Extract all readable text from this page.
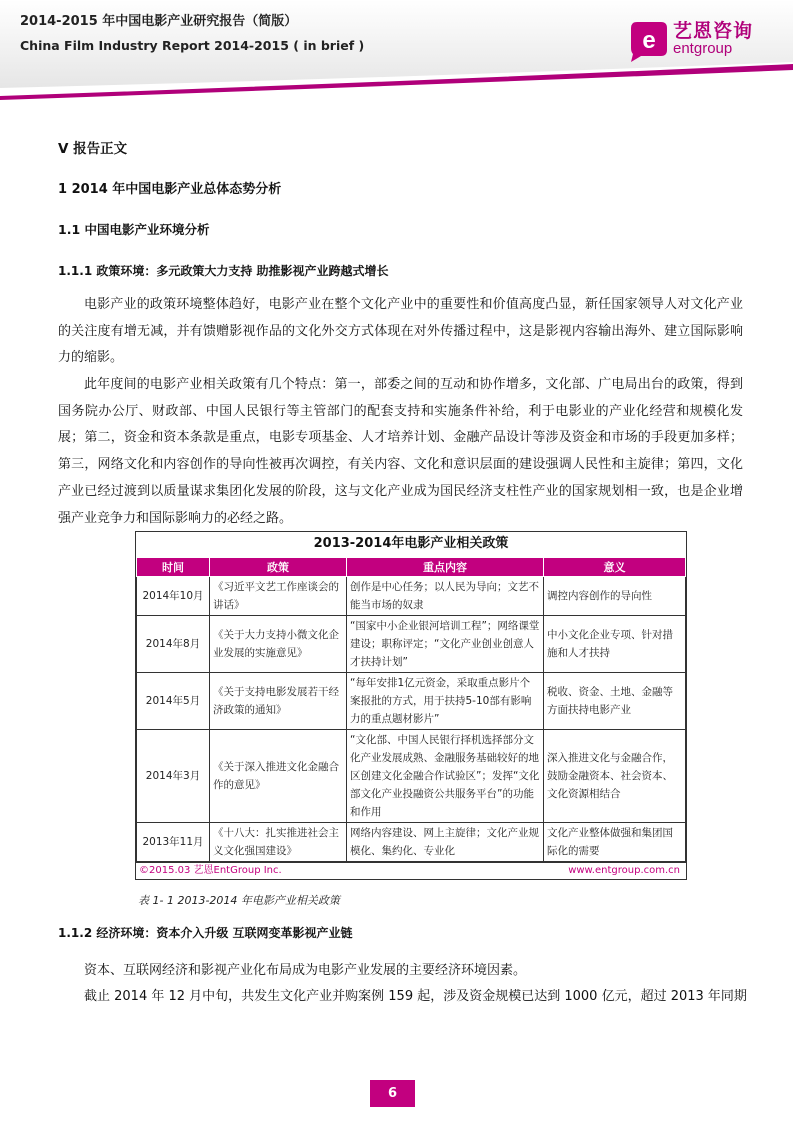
2014-2015 年中国电影产业研究报告（简版）
China Film Industry Report 2014-2015 ( in brief )	e 艺恩咨询
entgroup
V 报告正文
1 2014 年中国电影产业总体态势分析
1.1 中国电影产业环境分析
1.1.1 政策环境：多元政策大力支持 助推影视产业跨越式增长

电影产业的政策环境整体趋好，电影产业在整个文化产业中的重要性和价值高度凸显，新任国家领导人对文化产业的关注度有增无减，并有馈赠影视作品的文化外交方式体现在对外传播过程中，这是影视内容输出海外、建立国际影响力的缩影。

此年度间的电影产业相关政策有几个特点：第一，部委之间的互动和协作增多，文化部、广电局出台的政策，得到国务院办公厅、财政部、中国人民银行等主管部门的配套支持和实施条件补给，利于电影业的产业化经营和规模化发展；第二，资金和资本条款是重点，电影专项基金、人才培养计划、金融产品设计等涉及资金和市场的手段更加多样；第三，网络文化和内容创作的导向性被再次调控，有关内容、文化和意识层面的建设强调人民性和主旋律；第四，文化产业已经过渡到以质量谋求集团化发展的阶段，这与文化产业成为国民经济支柱性产业的国家规划相一致，也是企业增强产业竞争力和国际影响力的必经之路。

2013-2014年电影产业相关政策
时间	政策	重点内容	意义
2014年10月	《习近平文艺工作座谈会的讲话》	创作是中心任务；以人民为导向；文艺不能当市场的奴隶	调控内容创作的导向性
2014年8月	《关于大力支持小微文化企业发展的实施意见》	“国家中小企业银河培训工程”；网络课堂建设；职称评定；“文化产业创业创意人才扶持计划”	中小文化企业专项、针对措施和人才扶持
2014年5月	《关于支持电影发展若干经济政策的通知》	“每年安排1亿元资金，采取重点影片个案报批的方式，用于扶持5-10部有影响力的重点题材影片”	税收、资金、土地、金融等方面扶持电影产业
2014年3月	《关于深入推进文化金融合作的意见》	“文化部、中国人民银行择机选择部分文化产业发展成熟、金融服务基础较好的地区创建文化金融合作试验区”；发挥“文化部文化产业投融资公共服务平台”的功能和作用	深入推进文化与金融合作，鼓励金融资本、社会资本、文化资源相结合
2013年11月	《十八大：扎实推进社会主义文化强国建设》	网络内容建设、网上主旋律；文化产业规模化、集约化、专业化	文化产业整体做强和集团国际化的需要
©2015.03 艺恩EntGroup Inc.	www.entgroup.com.cn
表 1- 1 2013-2014 年电影产业相关政策
1.1.2 经济环境：资本介入升级 互联网变革影视产业链

资本、互联网经济和影视产业化布局成为电影产业发展的主要经济环境因素。

截止 2014 年 12 月中旬，共发生文化产业并购案例 159 起，涉及资金规模已达到 1000 亿元，超过 2013 年同期

6
